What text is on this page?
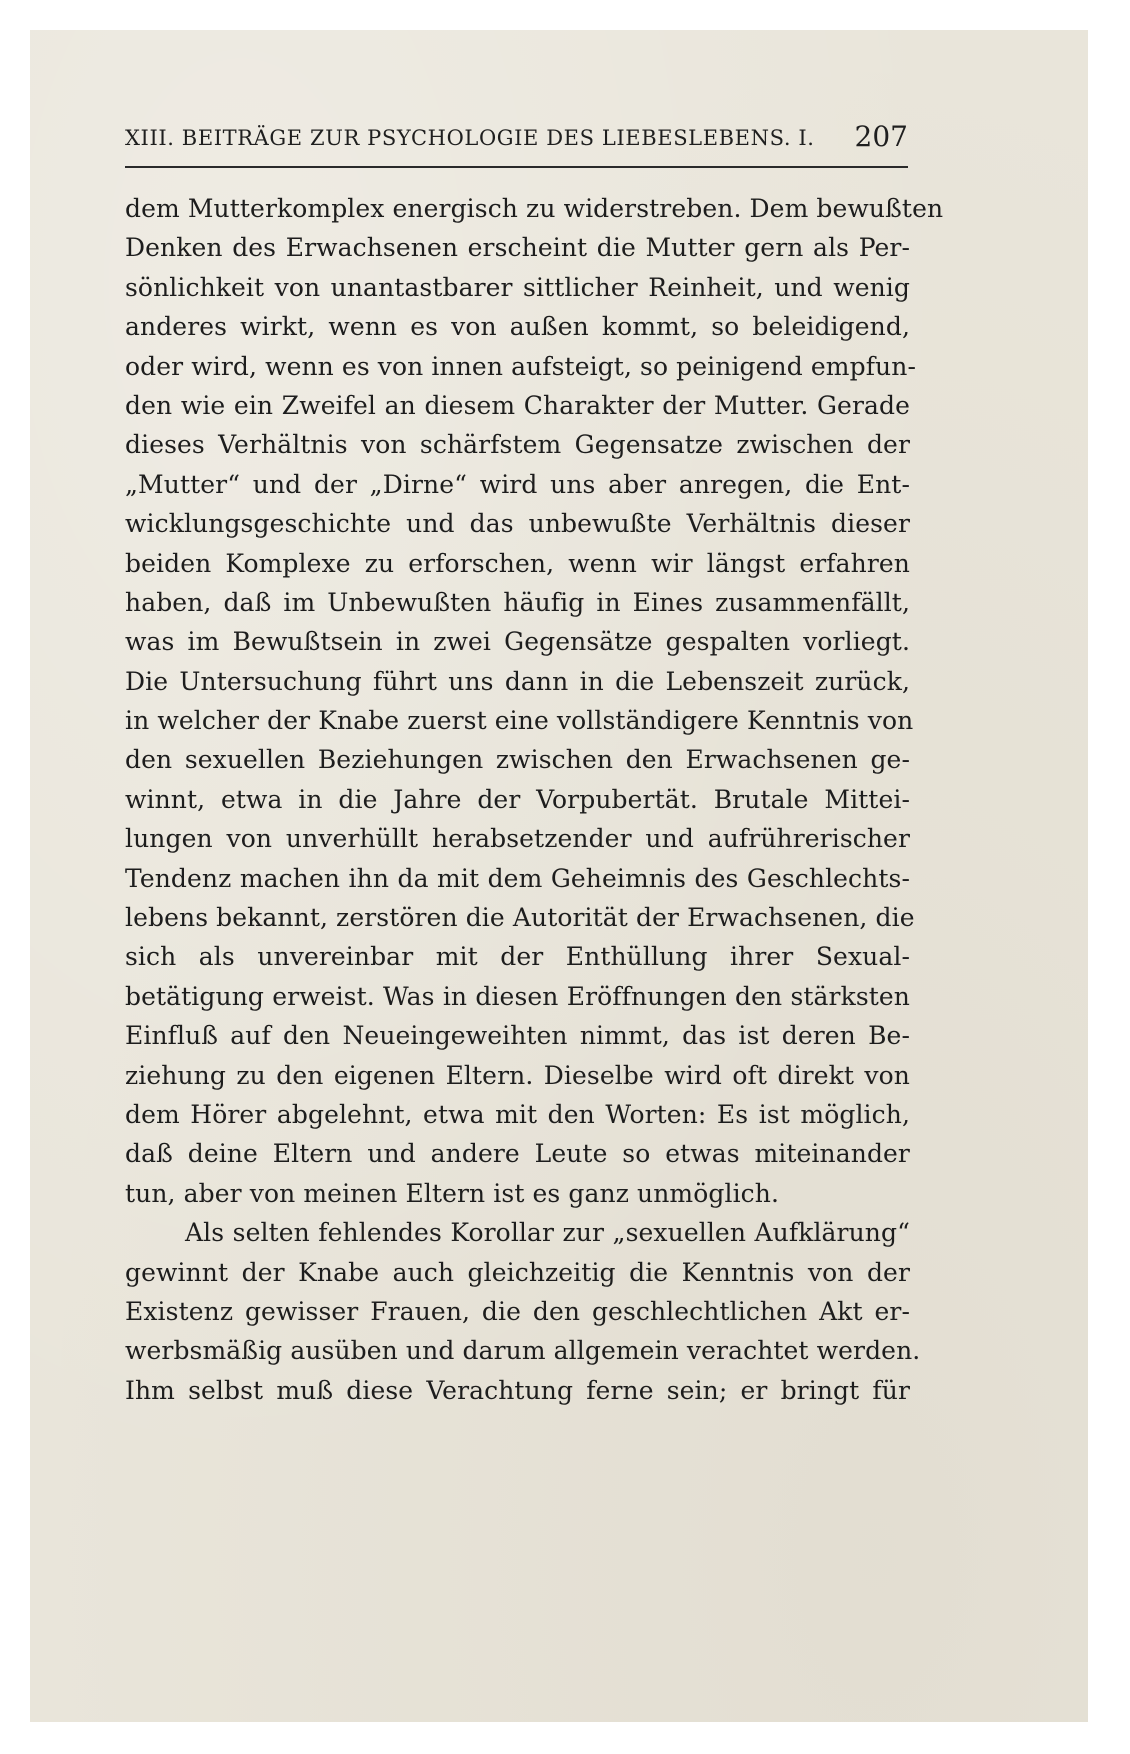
XIII. BEITRÄGE ZUR PSYCHOLOGIE DES LIEBESLEBENS. I. 207
dem Mutterkomplex energisch zu widerstreben. Dem bewußten
Denken des Erwachsenen erscheint die Mutter gern als Per-
sönlichkeit von unantastbarer sittlicher Reinheit, und wenig
anderes wirkt, wenn es von außen kommt, so beleidigend,
oder wird, wenn es von innen aufsteigt, so peinigend empfun-
den wie ein Zweifel an diesem Charakter der Mutter. Gerade
dieses Verhältnis von schärfstem Gegensatze zwischen der
„Mutter“ und der „Dirne“ wird uns aber anregen, die Ent-
wicklungsgeschichte und das unbewußte Verhältnis dieser
beiden Komplexe zu erforschen, wenn wir längst erfahren
haben, daß im Unbewußten häufig in Eines zusammenfällt,
was im Bewußtsein in zwei Gegensätze gespalten vorliegt.
Die Untersuchung führt uns dann in die Lebenszeit zurück,
in welcher der Knabe zuerst eine vollständigere Kenntnis von
den sexuellen Beziehungen zwischen den Erwachsenen ge-
winnt, etwa in die Jahre der Vorpubertät. Brutale Mittei-
lungen von unverhüllt herabsetzender und aufrührerischer
Tendenz machen ihn da mit dem Geheimnis des Geschlechts-
lebens bekannt, zerstören die Autorität der Erwachsenen, die
sich als unvereinbar mit der Enthüllung ihrer Sexual-
betätigung erweist. Was in diesen Eröffnungen den stärksten
Einfluß auf den Neueingeweihten nimmt, das ist deren Be-
ziehung zu den eigenen Eltern. Dieselbe wird oft direkt von
dem Hörer abgelehnt, etwa mit den Worten: Es ist möglich,
daß deine Eltern und andere Leute so etwas miteinander
tun, aber von meinen Eltern ist es ganz unmöglich.
Als selten fehlendes Korollar zur „sexuellen Aufklärung“
gewinnt der Knabe auch gleichzeitig die Kenntnis von der
Existenz gewisser Frauen, die den geschlechtlichen Akt er-
werbsmäßig ausüben und darum allgemein verachtet werden.
Ihm selbst muß diese Verachtung ferne sein; er bringt für
